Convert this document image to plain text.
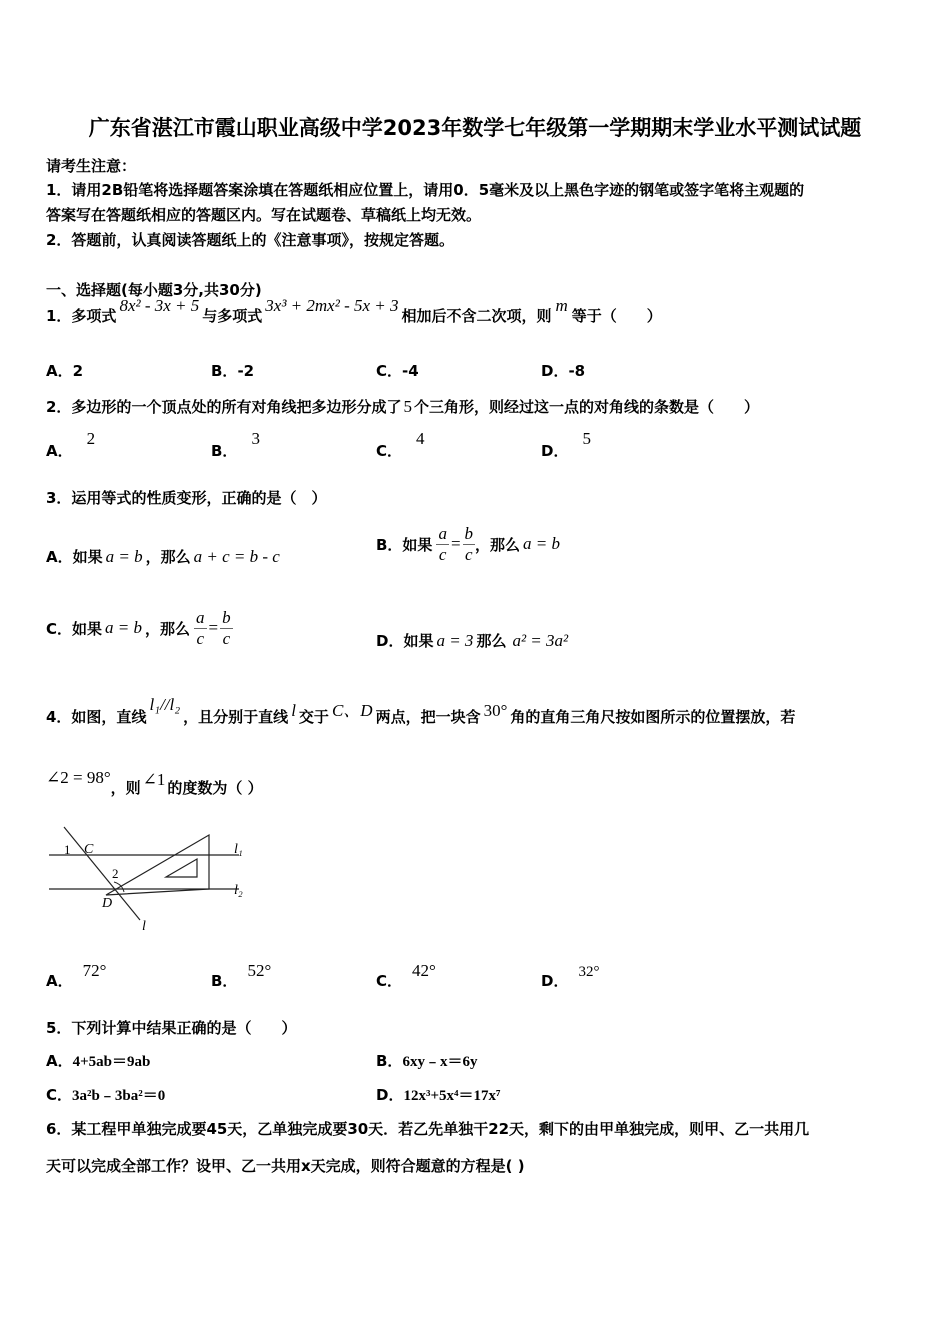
广东省湛江市霞山职业高级中学2023年数学七年级第一学期期末学业水平测试试题
请考生注意：
1．请用2B铅笔将选择题答案涂填在答题纸相应位置上，请用0．5毫米及以上黑色字迹的钢笔或签字笔将主观题的
答案写在答题纸相应的答题区内。写在试题卷、草稿纸上均无效。
2．答题前，认真阅读答题纸上的《注意事项》，按规定答题。
一、选择题(每小题3分,共30分)
1．多项式8x² - 3x + 5与多项式3x³ + 2mx² - 5x + 3相加后不含二次项，则m等于（　　）
A．2	B．-2	C．-4	D．-8
2．多边形的一个顶点处的所有对角线把多边形分成了 5 个三角形，则经过这一点的对角线的条数是（　　）
A．2
B．3
C．4
D．5
3．运用等式的性质变形，正确的是（　）
A．如果 a = b ，那么 a + c = b - c
B．如果 $\frac{a}{c} = \frac{b}{c}$ ，那么 a = b
C．如果 a = b ，那么 $\frac{a}{c} = \frac{b}{c}$	D．如果 a = 3 那么 a² = 3a²
4．如图，直线l₁//l₂，且分别于直线 l 交于 C、D 两点，把一块含 30° 角的直角三角尺按如图所示的位置摆放，若
∠2 = 98°，则 ∠1 的度数为（ ）
1 C
2
D
l₁
l₂
l
A．72°
B．52°
C．42°
D． 32°
5．下列计算中结果正确的是（　　）
A．4+5ab＝9ab	B．6xy﹣x＝6y
C．3a²b﹣3ba²＝0	D．12x³+5x⁴＝17x⁷
6．某工程甲单独完成要45天，乙单独完成要30天．若乙先单独干22天，剩下的由甲单独完成，则甲、乙一共用几
天可以完成全部工作？设甲、乙一共用x天完成，则符合题意的方程是( )
